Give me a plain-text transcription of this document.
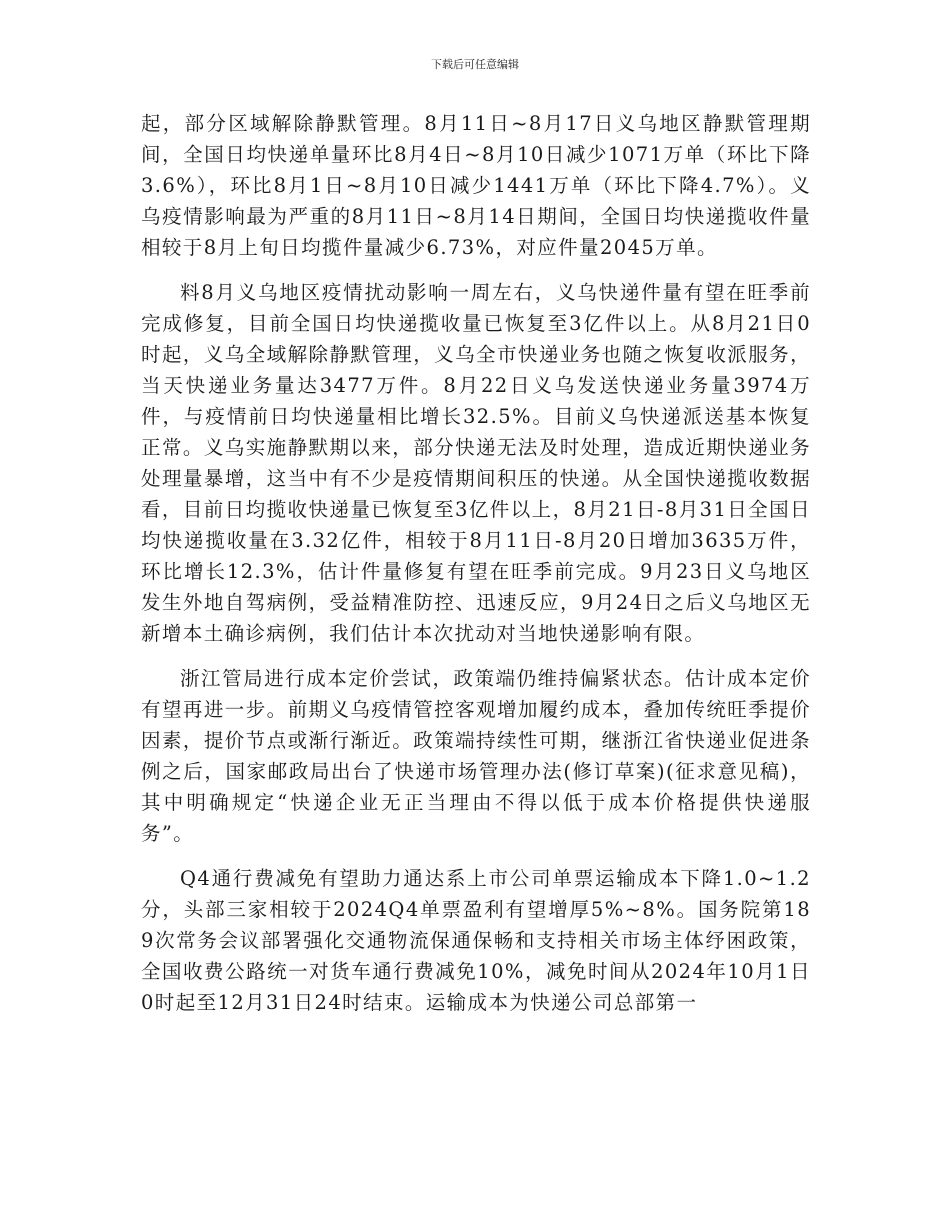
下载后可任意编辑

起，部分区域解除静默管理。8月11日~8月17日义乌地区静默管理期间，全国日均快递单量环比8月4日~8月10日减少1071万单（环比下降3.6%），环比8月1日~8月10日减少1441万单（环比下降4.7%）。义乌疫情影响最为严重的8月11日~8月14日期间，全国日均快递揽收件量相较于8月上旬日均揽件量减少6.73%，对应件量2045万单。

料8月义乌地区疫情扰动影响一周左右，义乌快递件量有望在旺季前完成修复，目前全国日均快递揽收量已恢复至3亿件以上。从8月21日0时起，义乌全域解除静默管理，义乌全市快递业务也随之恢复收派服务，当天快递业务量达3477万件。8月22日义乌发送快递业务量3974万件，与疫情前日均快递量相比增长32.5%。目前义乌快递派送基本恢复正常。义乌实施静默期以来，部分快递无法及时处理，造成近期快递业务处理量暴增，这当中有不少是疫情期间积压的快递。从全国快递揽收数据看，目前日均揽收快递量已恢复至3亿件以上，8月21日-8月31日全国日均快递揽收量在3.32亿件，相较于8月11日-8月20日增加3635万件，环比增长12.3%，估计件量修复有望在旺季前完成。9月23日义乌地区发生外地自驾病例，受益精准防控、迅速反应，9月24日之后义乌地区无新增本土确诊病例，我们估计本次扰动对当地快递影响有限。

浙江管局进行成本定价尝试，政策端仍维持偏紧状态。估计成本定价有望再进一步。前期义乌疫情管控客观增加履约成本，叠加传统旺季提价因素，提价节点或渐行渐近。政策端持续性可期，继浙江省快递业促进条例之后，国家邮政局出台了快递市场管理办法(修订草案)(征求意见稿)，其中明确规定“快递企业无正当理由不得以低于成本价格提供快递服务”。

Q4通行费减免有望助力通达系上市公司单票运输成本下降1.0~1.2分，头部三家相较于2024Q4单票盈利有望增厚5%~8%。国务院第189次常务会议部署强化交通物流保通保畅和支持相关市场主体纾困政策，全国收费公路统一对货车通行费减免10%，减免时间从2024年10月1日0时起至12月31日24时结束。运输成本为快递公司总部第一
